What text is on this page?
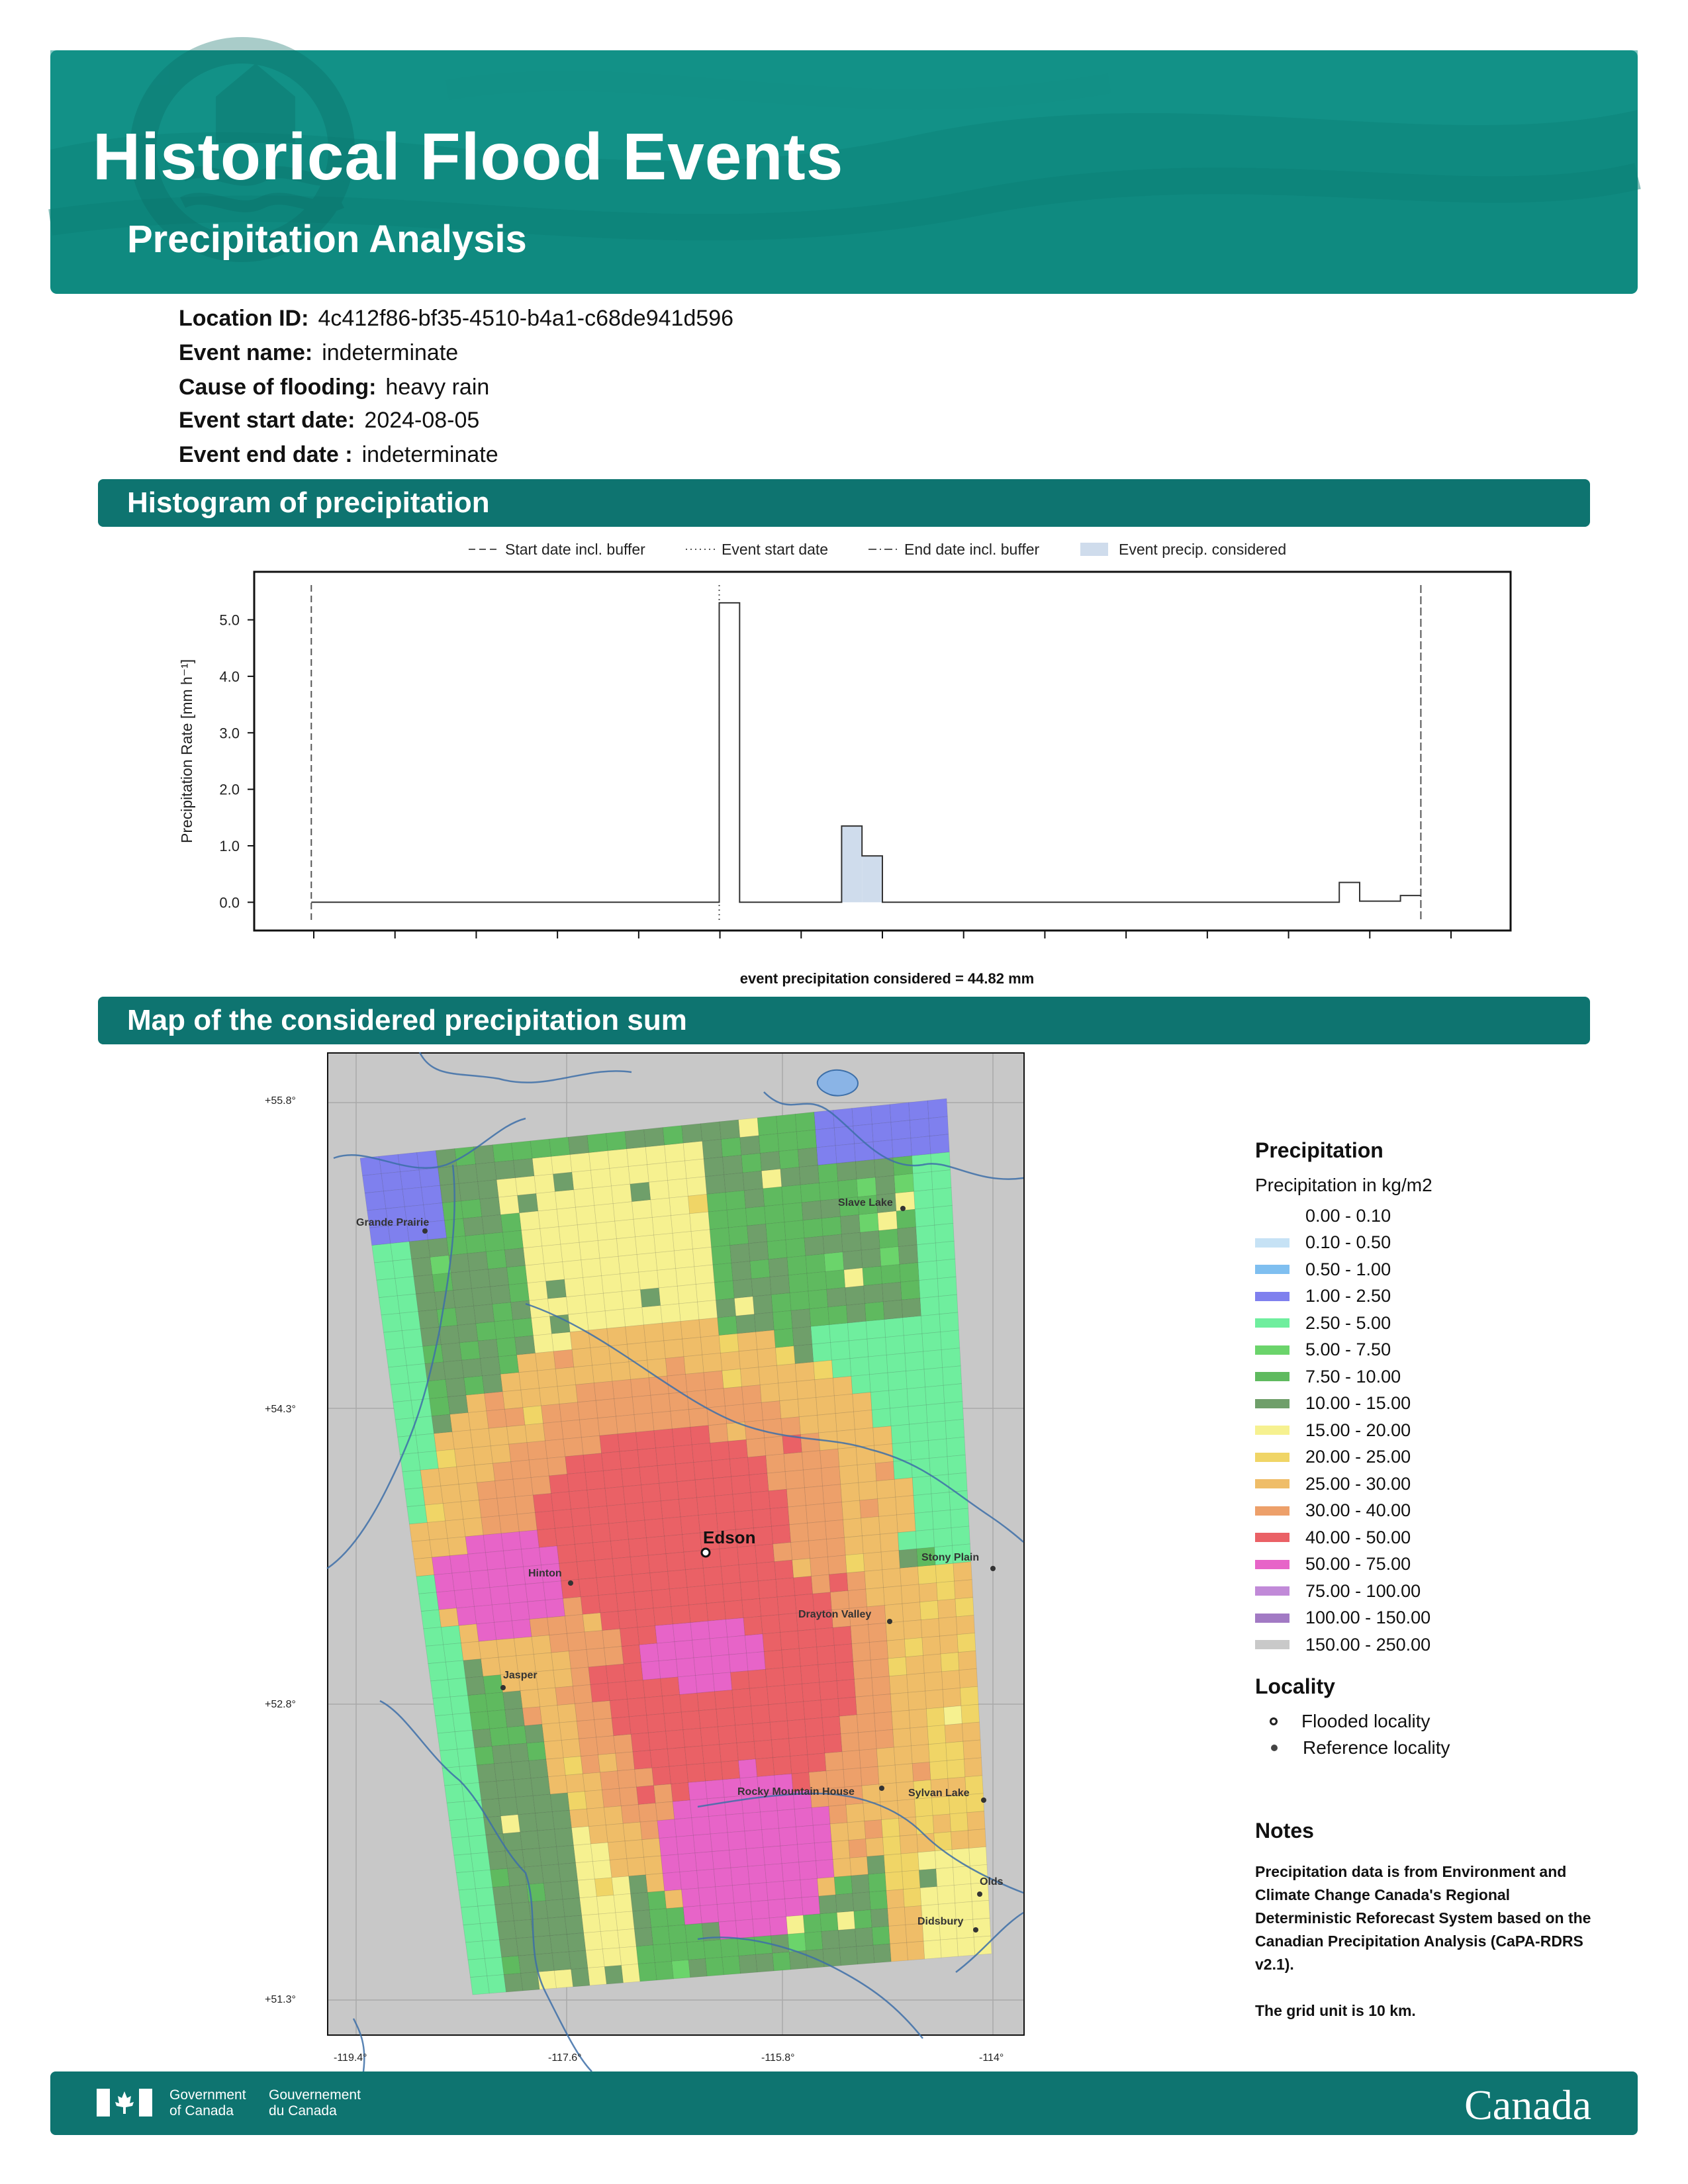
Historical Flood Events
Precipitation Analysis
Location ID: 4c412f86-bf35-4510-b4a1-c68de941d596
Event name: indeterminate
Cause of flooding: heavy rain
Event start date: 2024-08-05
Event end date : indeterminate
Histogram of precipitation
Start date incl. buffer	Event start date	End date incl. buffer	Event precip. considered
0.0
1.0
2.0
3.0
4.0
5.0
Precipitation Rate [mm h⁻¹]
event precipitation considered = 44.82 mm
Map of the considered precipitation sum
+55.8°
+54.3°
+52.8°
+51.3°
Grande Prairie
Slave Lake
Edson
Hinton
Stony Plain
Drayton Valley
Jasper
Rocky Mountain House	Sylvan Lake
Olds
Didsbury
-119.4°	-117.6°	-115.8°	-114°
Precipitation
Precipitation in kg/m2
0.00 - 0.10
0.10 - 0.50
0.50 - 1.00
1.00 - 2.50
2.50 - 5.00
5.00 - 7.50
7.50 - 10.00
10.00 - 15.00
15.00 - 20.00
20.00 - 25.00
25.00 - 30.00
30.00 - 40.00
40.00 - 50.00
50.00 - 75.00
75.00 - 100.00
100.00 - 150.00
150.00 - 250.00
Locality
Flooded locality
Reference locality
Notes
Precipitation data is from Environment and Climate Change Canada's Regional Deterministic Reforecast System based on the Canadian Precipitation Analysis (CaPA-RDRS v2.1).
The grid unit is 10 km.
Government
of Canada
Gouvernement
du Canada	Canada
